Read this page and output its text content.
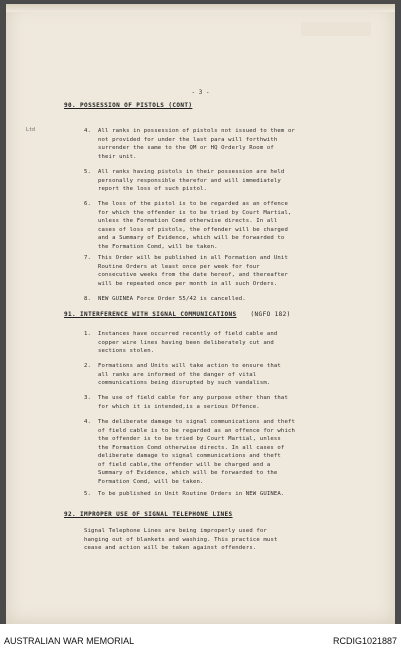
- 3 -
Ltd
90. POSSESSION OF PISTOLS (CONT)
4. All ranks in possession of pistols not issued to them or
not provided for under the last para will forthwith
surrender the same to the QM or HQ Orderly Room of
their unit.
5. All ranks having pistols in their possession are held
personally responsible therefor and will immediately
report the loss of such pistol.
6. The loss of the pistol is to be regarded as an offence
for which the offender is to be tried by Court Martial,
unless the Formation Comd otherwise directs. In all
cases of loss of pistols, the offender will be charged
and a Summary of Evidence, which will be forwarded to
the Formation Comd, will be taken.
7. This Order will be published in all Formation and Unit
Routine Orders at least once per week for four
consecutive weeks from the date hereof, and thereafter
will be repeated once per month in all such Orders.
8. NEW GUINEA Force Order 55/42 is cancelled.
91. INTERFERENCE WITH SIGNAL COMMUNICATIONS (NGFO 182)
1. Instances have occurred recently of field cable and
copper wire lines having been deliberately cut and
sections stolen.
2. Formations and Units will take action to ensure that
all ranks are informed of the danger of vital
communications being disrupted by such vandalism.
3. The use of field cable for any purpose other than that
for which it is intended,is a serious Offence.
4. The deliberate damage to signal communications and theft
of field cable is to be regarded as an offence for which
the offender is to be tried by Court Martial, unless
the Formation Comd otherwise directs. In all cases of
deliberate damage to signal communications and theft
of field cable,the offender will be charged and a
Summary of Evidence, which will be forwarded to the
Formation Comd, will be taken.
5. To be published in Unit Routine Orders in NEW GUINEA.
92. IMPROPER USE OF SIGNAL TELEPHONE LINES
Signal Telephone Lines are being improperly used for
hanging out of blankets and washing. This practice must
cease and action will be taken against offenders.
AUSTRALIAN WAR MEMORIAL	RCDIG1021887
